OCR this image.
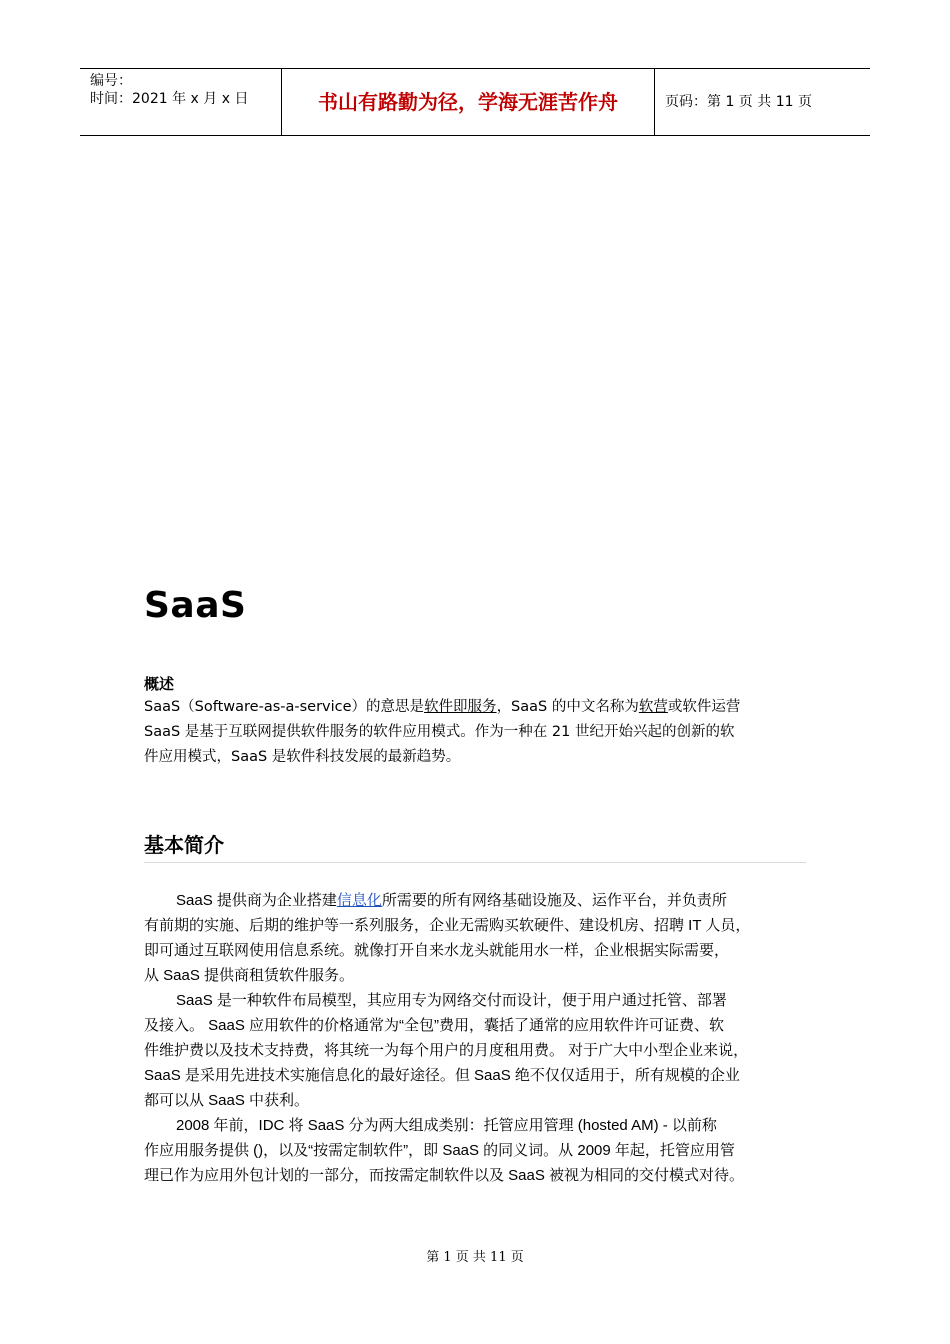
编号：
时间：2021 年 x 月 x 日	书山有路勤为径，学海无涯苦作舟	页码：第 1 页 共 11 页
SaaS
概述
SaaS（Software-as-a-service）的意思是软件即服务，SaaS 的中文名称为软营或软件运营
SaaS 是基于互联网提供软件服务的软件应用模式。作为一种在 21 世纪开始兴起的创新的软
件应用模式，SaaS 是软件科技发展的最新趋势。
基本简介
SaaS 提供商为企业搭建信息化所需要的所有网络基础设施及、运作平台，并负责所
有前期的实施、后期的维护等一系列服务，企业无需购买软硬件、建设机房、招聘 IT 人员，
即可通过互联网使用信息系统。就像打开自来水龙头就能用水一样，企业根据实际需要，
从 SaaS 提供商租赁软件服务。
SaaS 是一种软件布局模型，其应用专为网络交付而设计，便于用户通过托管、部署
及接入。 SaaS 应用软件的价格通常为“全包”费用，囊括了通常的应用软件许可证费、软
件维护费以及技术支持费，将其统一为每个用户的月度租用费。 对于广大中小型企业来说，
SaaS 是采用先进技术实施信息化的最好途径。但 SaaS 绝不仅仅适用于，所有规模的企业
都可以从 SaaS 中获利。
2008 年前，IDC 将 SaaS 分为两大组成类别：托管应用管理 (hosted AM) - 以前称
作应用服务提供 ()，以及“按需定制软件”，即 SaaS 的同义词。从 2009 年起，托管应用管
理已作为应用外包计划的一部分，而按需定制软件以及 SaaS 被视为相同的交付模式对待。
第 1 页 共 11 页
